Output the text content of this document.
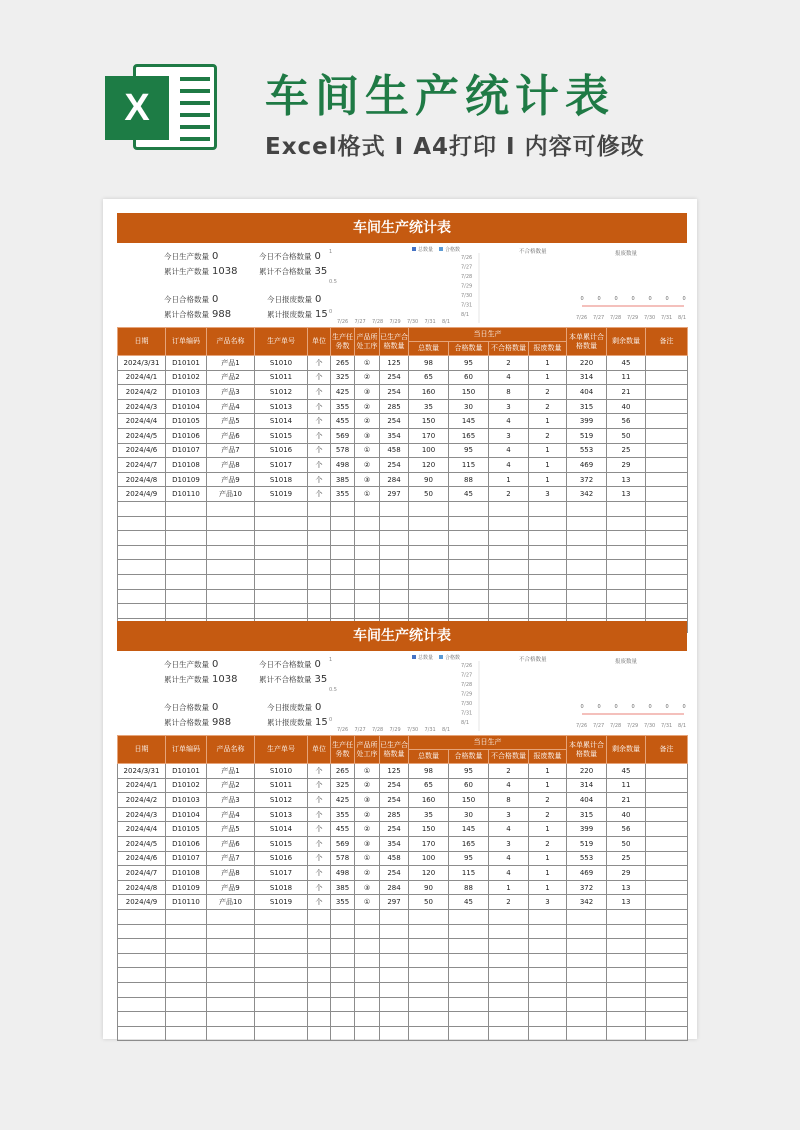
X	车间生产统计表
Excel格式 I A4打印 I 内容可修改
车间生产统计表
今日生产数量 0
累计生产数量 1038
今日合格数量 0
累计合格数量 988
今日不合格数量 0
累计不合格数量 35
今日报废数量 0
累计报废数量 15
1
0.5
0
总数量 合格数
7/26 7/27 7/28 7/29 7/30 7/31 8/1
不合格数量
7/26
7/27
7/28
7/29
7/30
7/31
8/1
报废数量
0	0	0	0	0	0	0
7/26 7/27 7/28 7/29 7/30 7/31 8/1
日期	订单编码	产品名称	生产单号	单位	生产任务数	产品所处工序	已生产合格数量	当日生产				本单累计合格数量	剩余数量	备注
								总数量	合格数量	不合格数量	报废数量			
2024/3/31	D10101	产品1	S1010	个	265	①	125	98	95	2	1	220	45	
2024/4/1	D10102	产品2	S1011	个	325	②	254	65	60	4	1	314	11	
2024/4/2	D10103	产品3	S1012	个	425	③	254	160	150	8	2	404	21	
2024/4/3	D10104	产品4	S1013	个	355	②	285	35	30	3	2	315	40	
2024/4/4	D10105	产品5	S1014	个	455	②	254	150	145	4	1	399	56	
2024/4/5	D10106	产品6	S1015	个	569	③	354	170	165	3	2	519	50	
2024/4/6	D10107	产品7	S1016	个	578	①	458	100	95	4	1	553	25	
2024/4/7	D10108	产品8	S1017	个	498	②	254	120	115	4	1	469	29	
2024/4/8	D10109	产品9	S1018	个	385	③	284	90	88	1	1	372	13	
2024/4/9	D10110	产品10	S1019	个	355	①	297	50	45	2	3	342	13	

车间生产统计表
今日生产数量 0
累计生产数量 1038
今日合格数量 0
累计合格数量 988
今日不合格数量 0
累计不合格数量 35
今日报废数量 0
累计报废数量 15
1
0.5
0
总数量 合格数
7/26 7/27 7/28 7/29 7/30 7/31 8/1
不合格数量
7/26
7/27
7/28
7/29
7/30
7/31
8/1
报废数量
0	0	0	0	0	0	0
7/26 7/27 7/28 7/29 7/30 7/31 8/1
日期	订单编码	产品名称	生产单号	单位	生产任务数	产品所处工序	已生产合格数量	当日生产				本单累计合格数量	剩余数量	备注
								总数量	合格数量	不合格数量	报废数量			
2024/3/31	D10101	产品1	S1010	个	265	①	125	98	95	2	1	220	45	
2024/4/1	D10102	产品2	S1011	个	325	②	254	65	60	4	1	314	11	
2024/4/2	D10103	产品3	S1012	个	425	③	254	160	150	8	2	404	21	
2024/4/3	D10104	产品4	S1013	个	355	②	285	35	30	3	2	315	40	
2024/4/4	D10105	产品5	S1014	个	455	②	254	150	145	4	1	399	56	
2024/4/5	D10106	产品6	S1015	个	569	③	354	170	165	3	2	519	50	
2024/4/6	D10107	产品7	S1016	个	578	①	458	100	95	4	1	553	25	
2024/4/7	D10108	产品8	S1017	个	498	②	254	120	115	4	1	469	29	
2024/4/8	D10109	产品9	S1018	个	385	③	284	90	88	1	1	372	13	
2024/4/9	D10110	产品10	S1019	个	355	①	297	50	45	2	3	342	13	
